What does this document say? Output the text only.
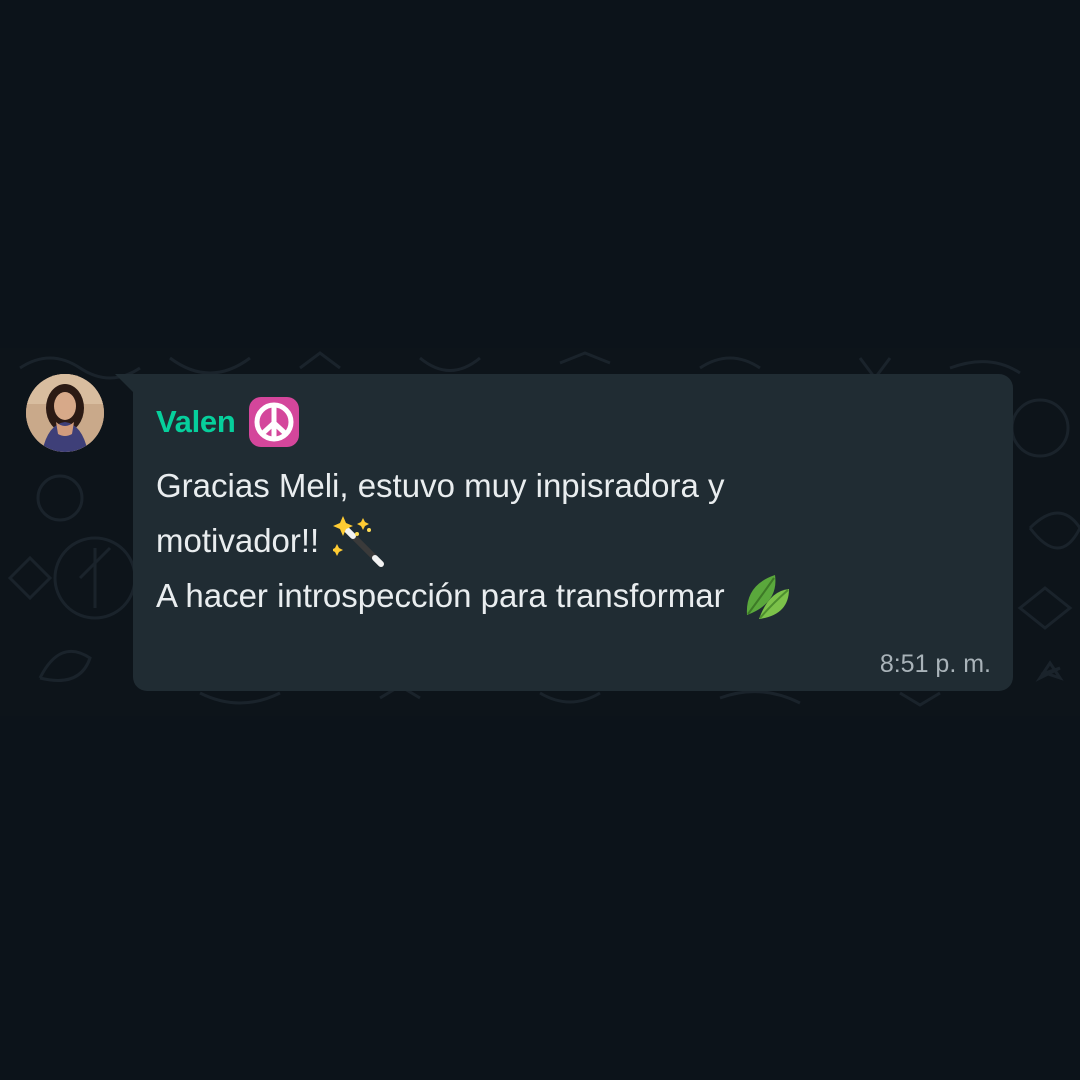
Valen
Gracias Meli, estuvo muy inpisradora y
motivador!!
A hacer introspección para transformar
8:51 p. m.
